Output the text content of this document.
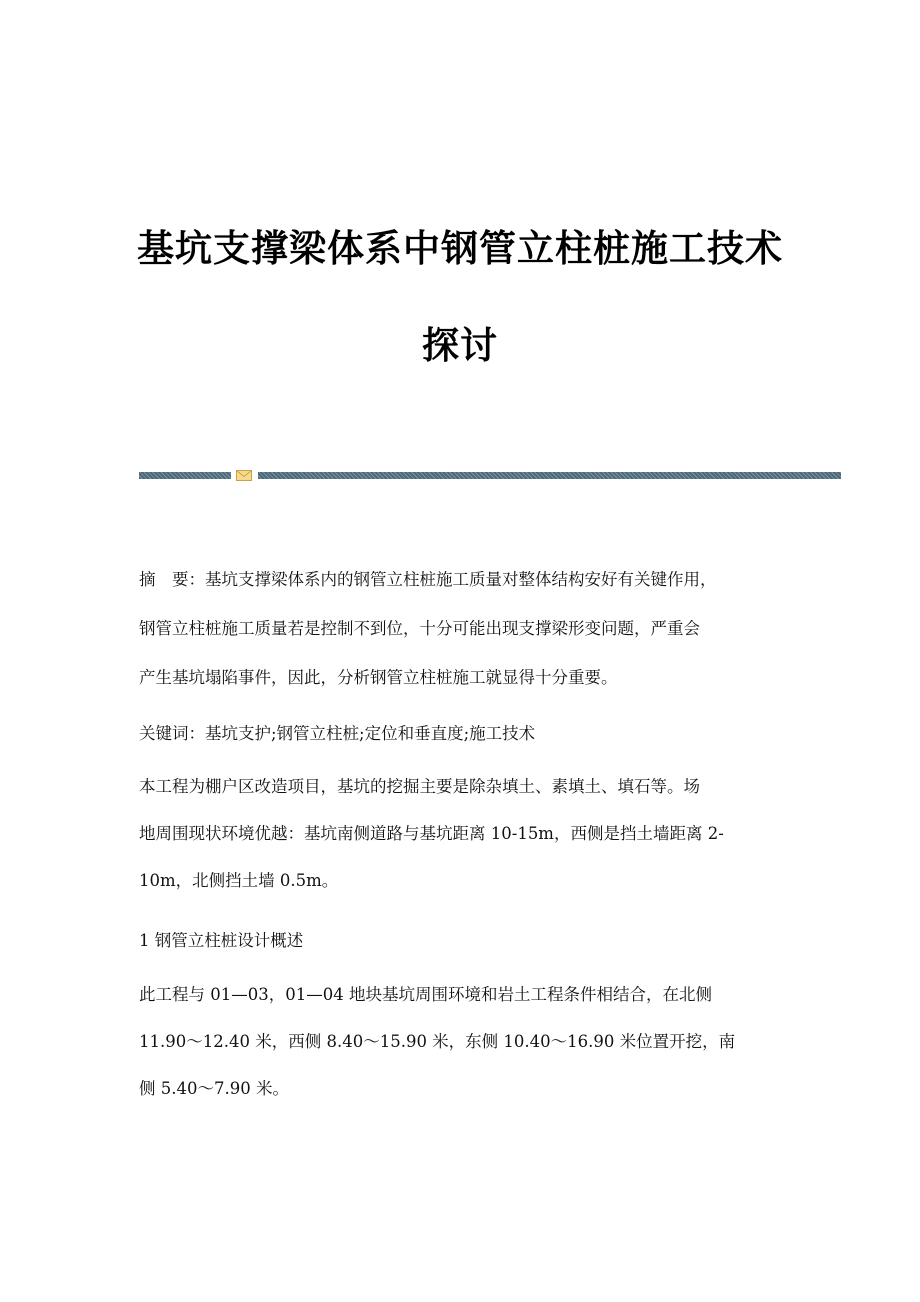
基坑支撑梁体系中钢管立柱桩施工技术
探讨
摘　要：基坑支撑梁体系内的钢管立柱桩施工质量对整体结构安好有关键作用，
钢管立柱桩施工质量若是控制不到位，十分可能出现支撑梁形变问题，严重会
产生基坑塌陷事件，因此，分析钢管立柱桩施工就显得十分重要。
关键词：基坑支护;钢管立柱桩;定位和垂直度;施工技术
本工程为棚户区改造项目，基坑的挖掘主要是除杂填土、素填土、填石等。场
地周围现状环境优越：基坑南侧道路与基坑距离 10-15m，西侧是挡土墙距离 2-
10m，北侧挡土墙 0.5m。
1 钢管立柱桩设计概述
此工程与 01—03，01—04 地块基坑周围环境和岩土工程条件相结合，在北侧
11.90～12.40 米，西侧 8.40～15.90 米，东侧 10.40～16.90 米位置开挖，南
侧 5.40～7.90 米。
